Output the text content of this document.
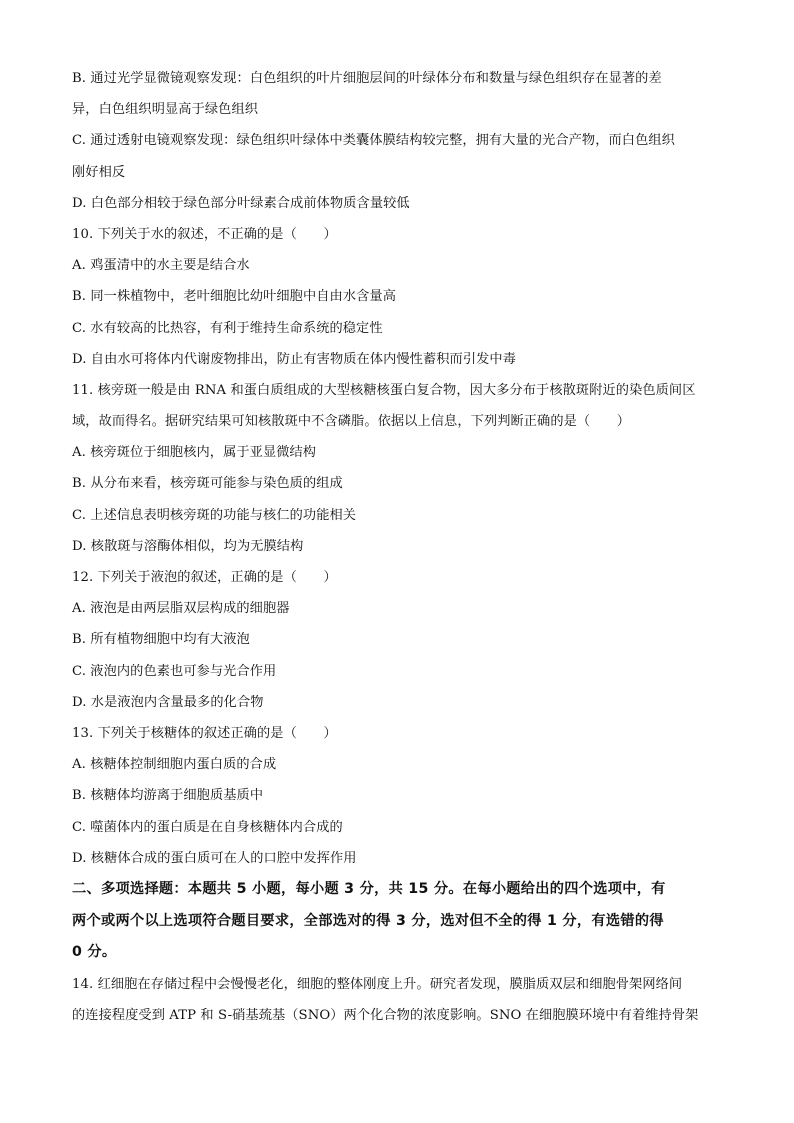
B. 通过光学显微镜观察发现：白色组织的叶片细胞层间的叶绿体分布和数量与绿色组织存在显著的差
异，白色组织明显高于绿色组织
C. 通过透射电镜观察发现：绿色组织叶绿体中类囊体膜结构较完整，拥有大量的光合产物，而白色组织
刚好相反
D. 白色部分相较于绿色部分叶绿素合成前体物质含量较低
10. 下列关于水的叙述，不正确的是（　　）
A. 鸡蛋清中的水主要是结合水
B. 同一株植物中，老叶细胞比幼叶细胞中自由水含量高
C. 水有较高的比热容，有利于维持生命系统的稳定性
D. 自由水可将体内代谢废物排出，防止有害物质在体内慢性蓄积而引发中毒
11. 核旁斑一般是由 RNA 和蛋白质组成的大型核糖核蛋白复合物，因大多分布于核散斑附近的染色质间区
域，故而得名。据研究结果可知核散斑中不含磷脂。依据以上信息，下列判断正确的是（　　）
A. 核旁斑位于细胞核内，属于亚显微结构
B. 从分布来看，核旁斑可能参与染色质的组成
C. 上述信息表明核旁斑的功能与核仁的功能相关
D. 核散斑与溶酶体相似，均为无膜结构
12. 下列关于液泡的叙述，正确的是（　　）
A. 液泡是由两层脂双层构成的细胞器
B. 所有植物细胞中均有大液泡
C. 液泡内的色素也可参与光合作用
D. 水是液泡内含量最多的化合物
13. 下列关于核糖体的叙述正确的是（　　）
A. 核糖体控制细胞内蛋白质的合成
B. 核糖体均游离于细胞质基质中
C. 噬菌体内的蛋白质是在自身核糖体内合成的
D. 核糖体合成的蛋白质可在人的口腔中发挥作用
二、多项选择题：本题共 5 小题，每小题 3 分，共 15 分。在每小题给出的四个选项中，有
两个或两个以上选项符合题目要求，全部选对的得 3 分，选对但不全的得 1 分，有选错的得
0 分。
14. 红细胞在存储过程中会慢慢老化，细胞的整体刚度上升。研究者发现，膜脂质双层和细胞骨架网络间
的连接程度受到 ATP 和 S-硝基巯基（SNO）两个化合物的浓度影响。SNO 在细胞膜环境中有着维持骨架
